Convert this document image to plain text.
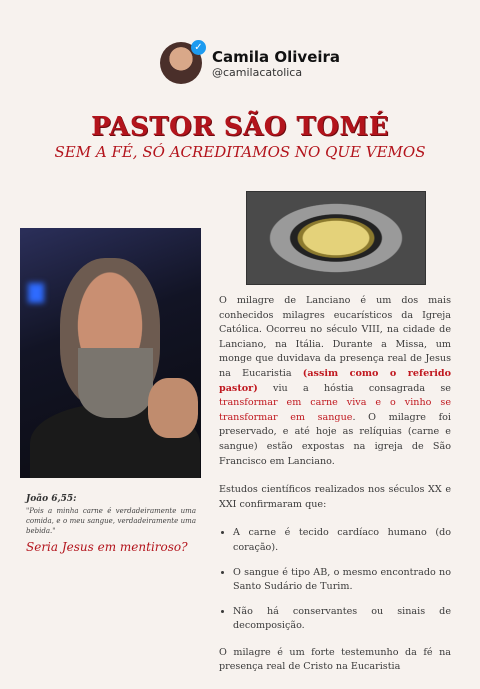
✓ Camila Oliveira
@camilacatolica
PASTOR SÃO TOMÉ
SEM A FÉ, SÓ ACREDITAMOS NO QUE VEMOS
João 6,55:
"Pois a minha carne é verdadeiramente uma comida, e o meu sangue, verdadeiramente uma bebida."
Seria Jesus em mentiroso?

O milagre de Lanciano é um dos mais conhecidos milagres eucarísticos da Igreja Católica. Ocorreu no século VIII, na cidade de Lanciano, na Itália. Durante a Missa, um monge que duvidava da presença real de Jesus na Eucaristia (assim como o referido pastor) viu a hóstia consagrada se transformar em carne viva e o vinho se transformar em sangue. O milagre foi preservado, e até hoje as relíquias (carne e sangue) estão expostas na igreja de São Francisco em Lanciano.

Estudos científicos realizados nos séculos XX e XXI confirmaram que:

• A carne é tecido cardíaco humano (do coração).
• O sangue é tipo AB, o mesmo encontrado no Santo Sudário de Turim.
• Não há conservantes ou sinais de decomposição.

O milagre é um forte testemunho da fé na presença real de Cristo na Eucaristia
